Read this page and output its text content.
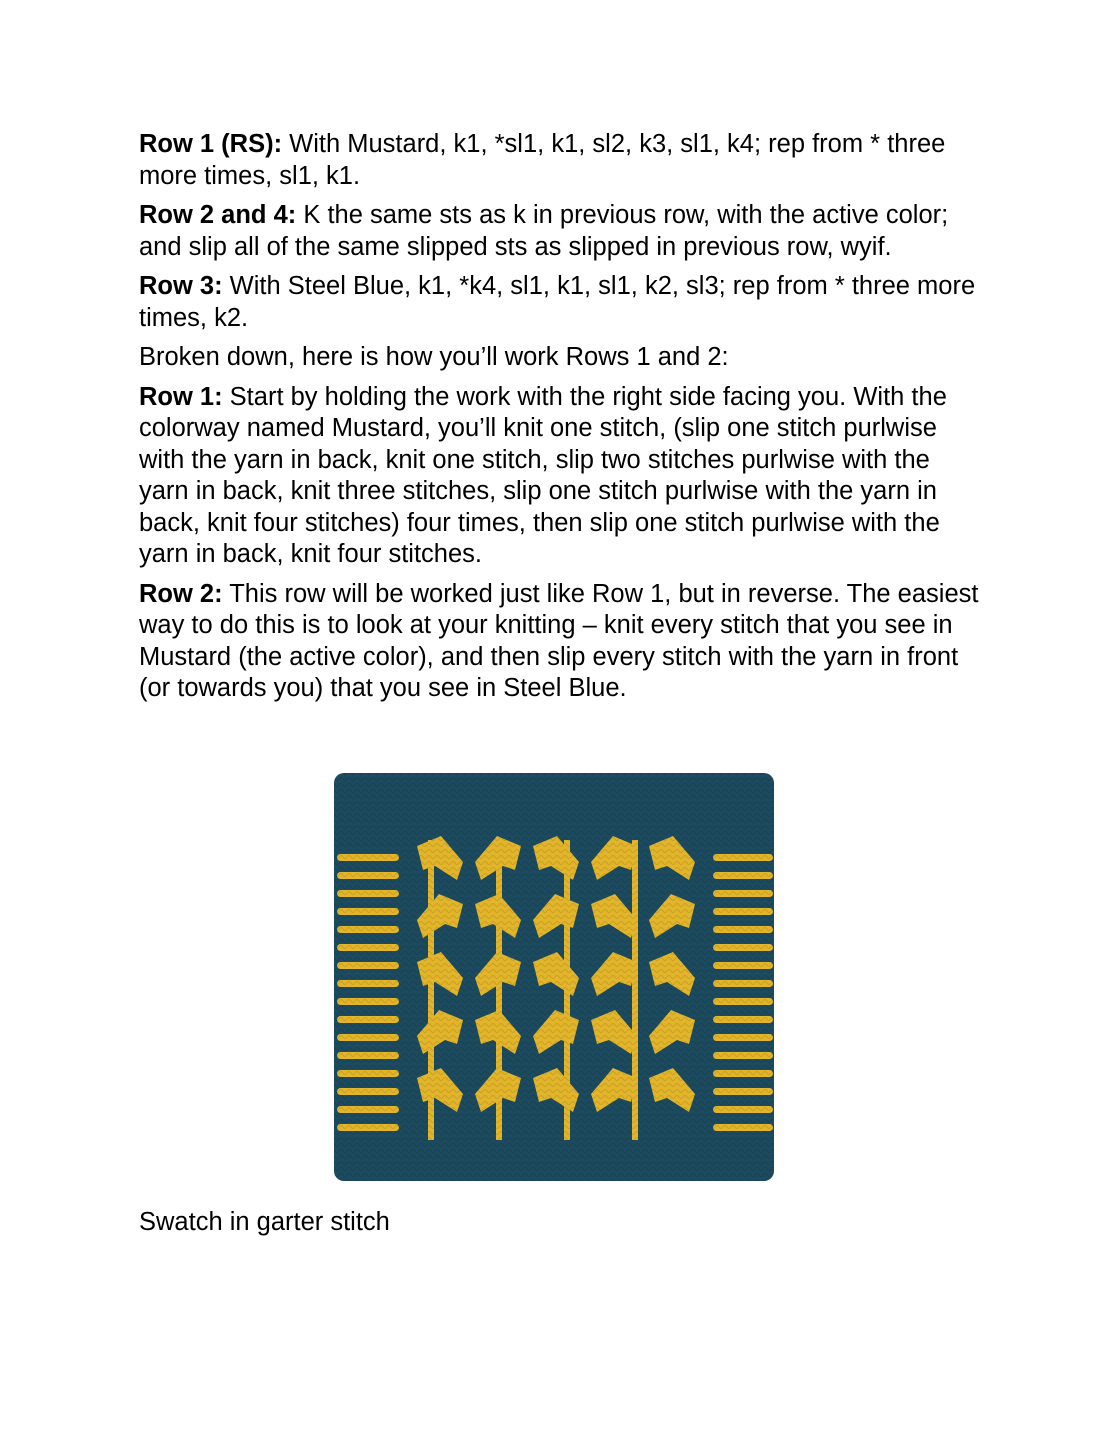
Row 1 (RS): With Mustard, k1, *sl1, k1, sl2, k3, sl1, k4; rep from * three more times, sl1, k1.

Row 2 and 4: K the same sts as k in previous row, with the active color; and slip all of the same slipped sts as slipped in previous row, wyif.

Row 3: With Steel Blue, k1, *k4, sl1, k1, sl1, k2, sl3; rep from * three more times, k2.

Broken down, here is how you’ll work Rows 1 and 2:

Row 1: Start by holding the work with the right side facing you. With the colorway named Mustard, you’ll knit one stitch, (slip one stitch purlwise with the yarn in back, knit one stitch, slip two stitches purlwise with the yarn in back, knit three stitches, slip one stitch purlwise with the yarn in back, knit four stitches) four times, then slip one stitch purlwise with the yarn in back, knit four stitches.

Row 2: This row will be worked just like Row 1, but in reverse. The easiest way to do this is to look at your knitting – knit every stitch that you see in Mustard (the active color), and then slip every stitch with the yarn in front (or towards you) that you see in Steel Blue.

Swatch in garter stitch
